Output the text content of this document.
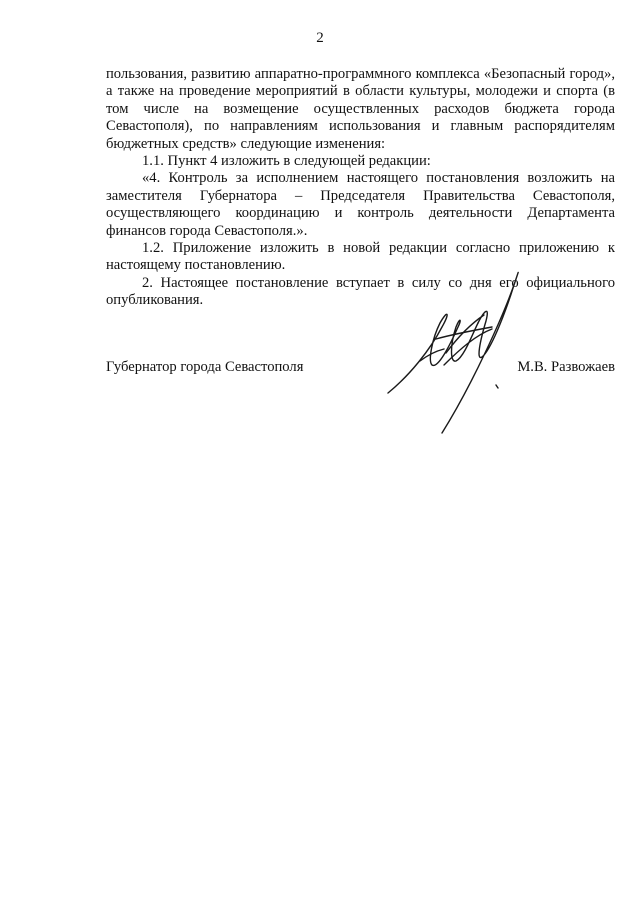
2

пользования, развитию аппаратно-программного комплекса «Безопасный город», а также на проведение мероприятий в области культуры, молодежи и спорта (в том числе на возмещение осуществленных расходов бюджета города Севастополя), по направлениям использования и главным распорядителям бюджетных средств» следующие изменения:

1.1. Пункт 4 изложить в следующей редакции:

«4. Контроль за исполнением настоящего постановления возложить на заместителя Губернатора – Председателя Правительства Севастополя, осуществляющего координацию и контроль деятельности Департамента финансов города Севастополя.».

1.2. Приложение изложить в новой редакции согласно приложению к настоящему постановлению.

2. Настоящее постановление вступает в силу со дня его официального опубликования.

Губернатор города Севастополя	М.В. Развожаев
